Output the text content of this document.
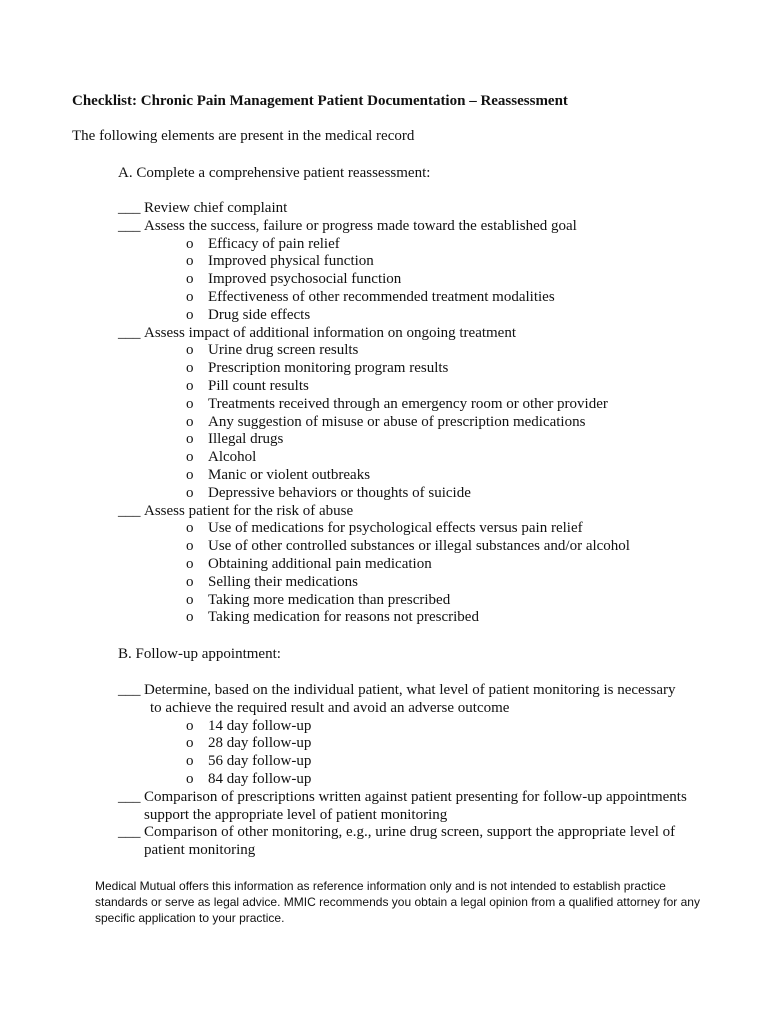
Checklist: Chronic Pain Management Patient Documentation – Reassessment
The following elements are present in the medical record
A. Complete a comprehensive patient reassessment:
___ Review chief complaint
___ Assess the success, failure or progress made toward the established goal
o Efficacy of pain relief
o Improved physical function
o Improved psychosocial function
o Effectiveness of other recommended treatment modalities
o Drug side effects
___ Assess impact of additional information on ongoing treatment
o Urine drug screen results
o Prescription monitoring program results
o Pill count results
o Treatments received through an emergency room or other provider
o Any suggestion of misuse or abuse of prescription medications
o Illegal drugs
o Alcohol
o Manic or violent outbreaks
o Depressive behaviors or thoughts of suicide
___ Assess patient for the risk of abuse
o Use of medications for psychological effects versus pain relief
o Use of other controlled substances or illegal substances and/or alcohol
o Obtaining additional pain medication
o Selling their medications
o Taking more medication than prescribed
o Taking medication for reasons not prescribed
B. Follow-up appointment:
___ Determine, based on the individual patient, what level of patient monitoring is necessary
to achieve the required result and avoid an adverse outcome
o 14 day follow-up
o 28 day follow-up
o 56 day follow-up
o 84 day follow-up
___ Comparison of prescriptions written against patient presenting for follow-up appointments
support the appropriate level of patient monitoring
___ Comparison of other monitoring, e.g., urine drug screen, support the appropriate level of
patient monitoring
Medical Mutual offers this information as reference information only and is not intended to establish practice standards or serve as legal advice. MMIC recommends you obtain a legal opinion from a qualified attorney for any specific application to your practice.
